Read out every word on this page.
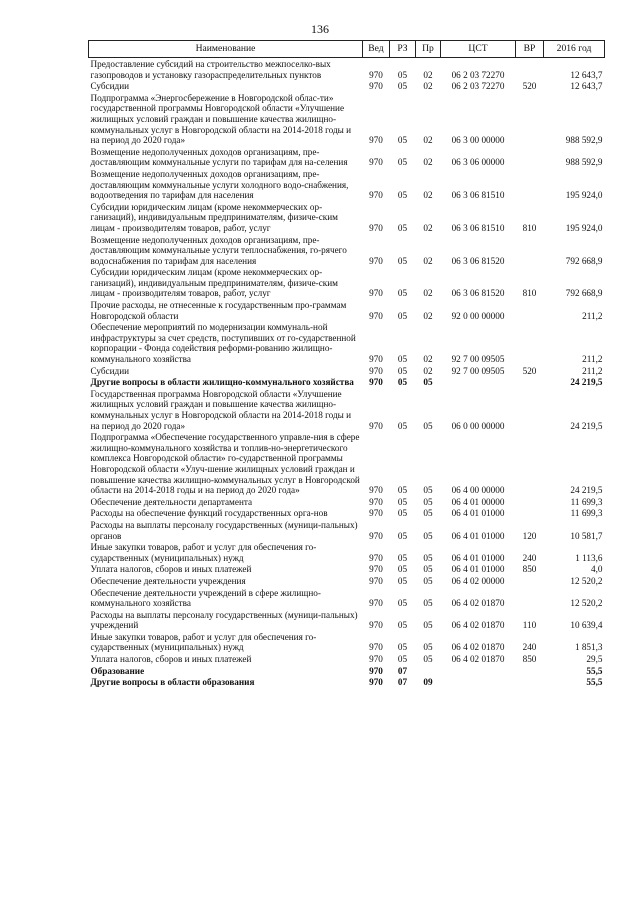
136
Наименование	Вед	РЗ	Пр	ЦСТ	ВР	2016 год
Предоставление субсидий на строительство межпоселко-вых газопроводов и установку газораспределительных пунктов	970	05	02	06 2 03 72270		12 643,7
Субсидии	970	05	02	06 2 03 72270	520	12 643,7
Подпрограмма «Энергосбережение в Новгородской облас-ти» государственной программы Новгородской области «Улучшение жилищных условий граждан и повышение качества жилищно-коммунальных услуг в Новгородской области на 2014-2018 годы и на период до 2020 года»	970	05	02	06 3 00 00000		988 592,9
Возмещение недополученных доходов организациям, пре-доставляющим коммунальные услуги по тарифам для на-селения	970	05	02	06 3 06 00000		988 592,9
Возмещение недополученных доходов организациям, пре-доставляющим коммунальные услуги холодного водо-снабжения, водоотведения по тарифам для населения	970	05	02	06 3 06 81510		195 924,0
Субсидии юридическим лицам (кроме некоммерческих ор-ганизаций), индивидуальным предпринимателям, физиче-ским лицам - производителям товаров, работ, услуг	970	05	02	06 3 06 81510	810	195 924,0
Возмещение недополученных доходов организациям, пре-доставляющим коммунальные услуги теплоснабжения, го-рячего водоснабжения по тарифам для населения	970	05	02	06 3 06 81520		792 668,9
Субсидии юридическим лицам (кроме некоммерческих ор-ганизаций), индивидуальным предпринимателям, физиче-ским лицам - производителям товаров, работ, услуг	970	05	02	06 3 06 81520	810	792 668,9
Прочие расходы, не отнесенные к государственным про-граммам Новгородской области	970	05	02	92 0 00 00000		211,2
Обеспечение мероприятий по модернизации коммуналь-ной инфраструктуры за счет средств, поступивших от го-сударственной корпорации - Фонда содействия реформи-рованию жилищно-коммунального хозяйства	970	05	02	92 7 00 09505		211,2
Субсидии	970	05	02	92 7 00 09505	520	211,2
Другие вопросы в области жилищно-коммунального хозяйства	970	05	05			24 219,5
Государственная программа Новгородской области «Улучшение жилищных условий граждан и повышение качества жилищно-коммунальных услуг в Новгородской области на 2014-2018 годы и на период до 2020 года»	970	05	05	06 0 00 00000		24 219,5
Подпрограмма «Обеспечение государственного управле-ния в сфере жилищно-коммунального хозяйства и топлив-но-энергетического комплекса Новгородской области» го-сударственной программы Новгородской области «Улуч-шение жилищных условий граждан и повышение качества жилищно-коммунальных услуг в Новгородской области на 2014-2018 годы и на период до 2020 года»	970	05	05	06 4 00 00000		24 219,5
Обеспечение деятельности департамента	970	05	05	06 4 01 00000		11 699,3
Расходы на обеспечение функций государственных орга-нов	970	05	05	06 4 01 01000		11 699,3
Расходы на выплаты персоналу государственных (муници-пальных) органов	970	05	05	06 4 01 01000	120	10 581,7
Иные закупки товаров, работ и услуг для обеспечения го-сударственных (муниципальных) нужд	970	05	05	06 4 01 01000	240	1 113,6
Уплата налогов, сборов и иных платежей	970	05	05	06 4 01 01000	850	4,0
Обеспечение деятельности учреждения	970	05	05	06 4 02 00000		12 520,2
Обеспечение деятельности учреждений в сфере жилищно-коммунального хозяйства	970	05	05	06 4 02 01870		12 520,2
Расходы на выплаты персоналу государственных (муници-пальных) учреждений	970	05	05	06 4 02 01870	110	10 639,4
Иные закупки товаров, работ и услуг для обеспечения го-сударственных (муниципальных) нужд	970	05	05	06 4 02 01870	240	1 851,3
Уплата налогов, сборов и иных платежей	970	05	05	06 4 02 01870	850	29,5
Образование	970	07				55,5
Другие вопросы в области образования	970	07	09			55,5
